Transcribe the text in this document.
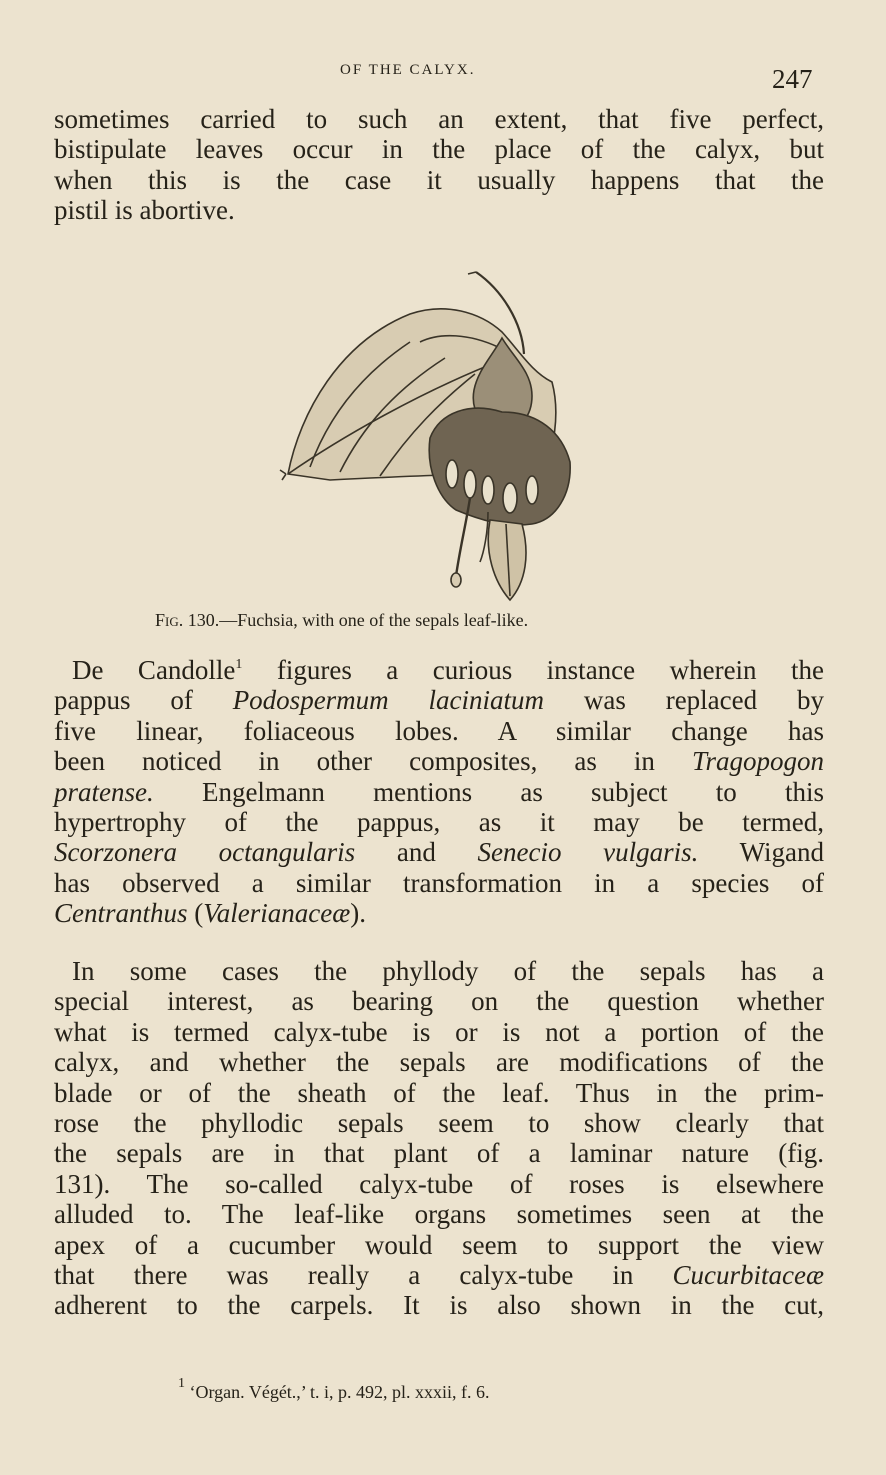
OF THE CALYX.	247
sometimes carried to such an extent, that five perfect,
bistipulate leaves occur in the place of the calyx, but
when this is the case it usually happens that the
pistil is abortive.
Fig. 130.—Fuchsia, with one of the sepals leaf-like.
De Candolle$^1$ figures a curious instance wherein the
pappus of Podospermum laciniatum was replaced by
five linear, foliaceous lobes. A similar change has
been noticed in other composites, as in Tragopogon
pratense. Engelmann mentions as subject to this
hypertrophy of the pappus, as it may be termed,
Scorzonera octangularis and Senecio vulgaris. Wigand
has observed a similar transformation in a species of
Centranthus (Valerianaceæ).
In some cases the phyllody of the sepals has a
special interest, as bearing on the question whether
what is termed calyx-tube is or is not a portion of the
calyx, and whether the sepals are modifications of the
blade or of the sheath of the leaf. Thus in the prim-
rose the phyllodic sepals seem to show clearly that
the sepals are in that plant of a laminar nature (fig.
131). The so-called calyx-tube of roses is elsewhere
alluded to. The leaf-like organs sometimes seen at the
apex of a cucumber would seem to support the view
that there was really a calyx-tube in Cucurbitaceæ
adherent to the carpels. It is also shown in the cut,
$^1$ ‘Organ. Végét.,’ t. i, p. 492, pl. xxxii, f. 6.
